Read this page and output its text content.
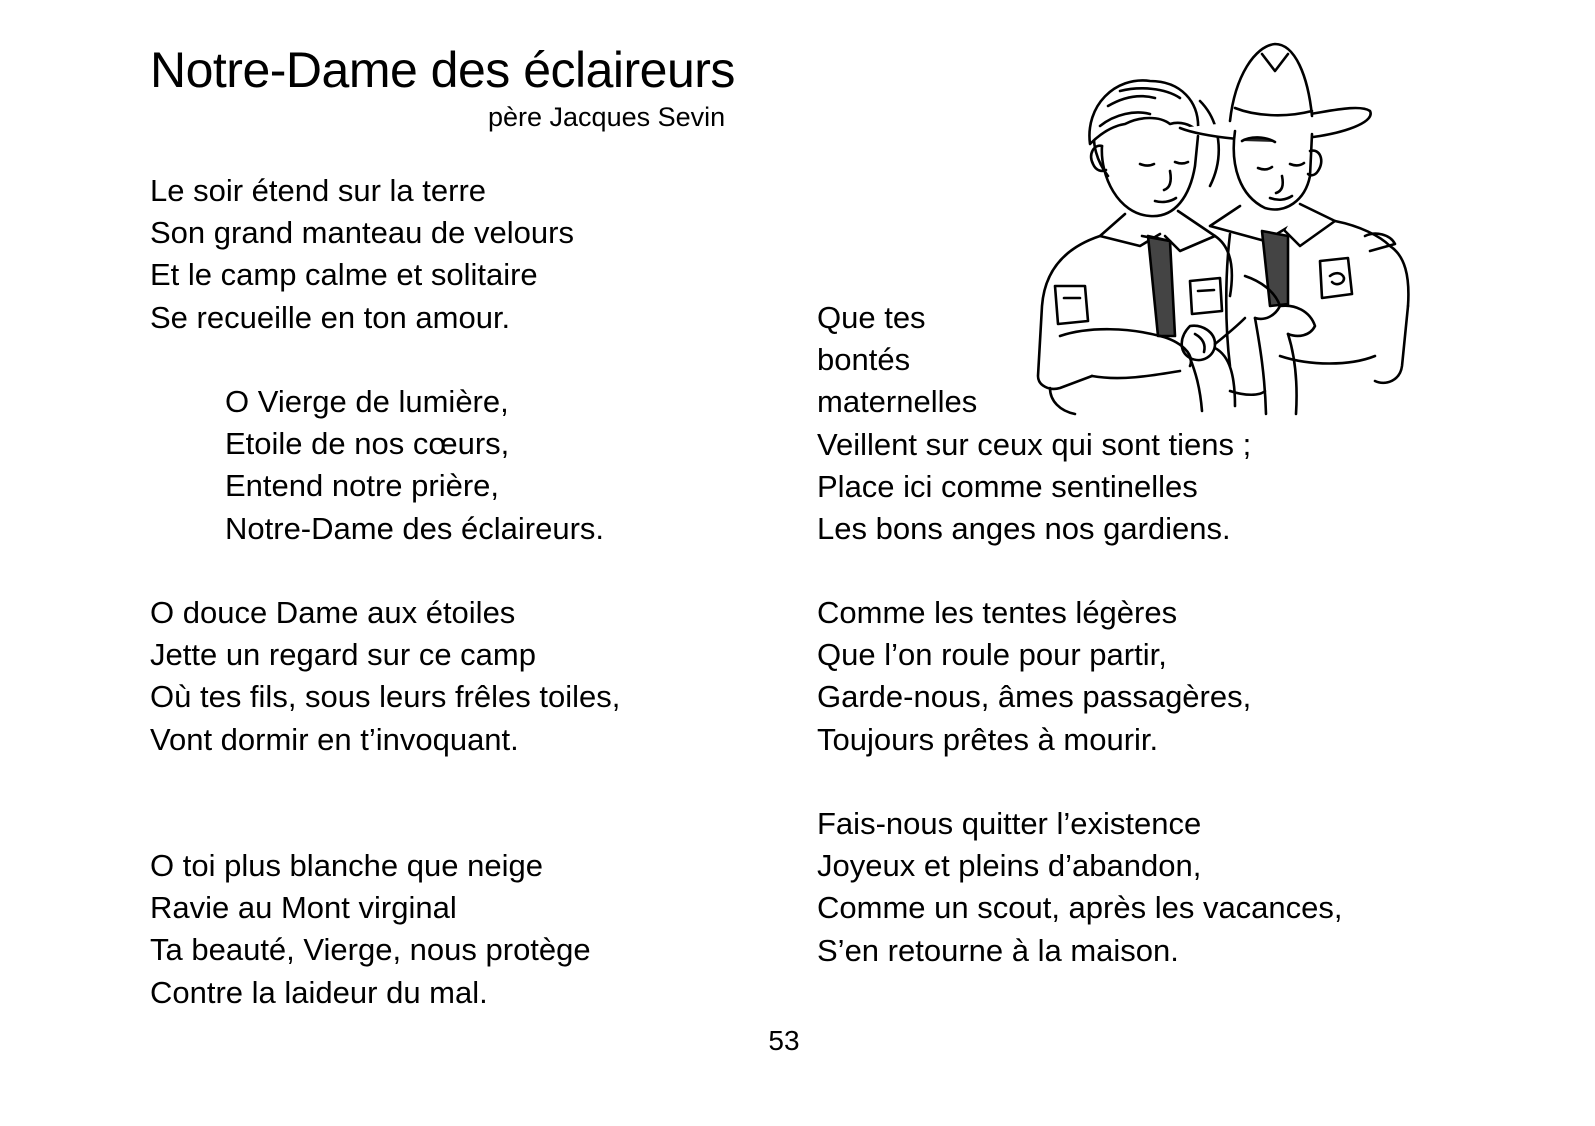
Notre-Dame des éclaireurs
père Jacques Sevin
Le soir étend sur la terre
Son grand manteau de velours
Et le camp calme et solitaire
Se recueille en ton amour.
O Vierge de lumière,
Etoile de nos cœurs,
Entend notre prière,
Notre-Dame des éclaireurs.
O douce Dame aux étoiles
Jette un regard sur ce camp
Où tes fils, sous leurs frêles toiles,
Vont dormir en t’invoquant.
O toi plus blanche que neige
Ravie au Mont virginal
Ta beauté, Vierge, nous protège
Contre la laideur du mal.
Que tes
bontés
maternelles
Veillent sur ceux qui sont tiens ;
Place ici comme sentinelles
Les bons anges nos gardiens.
Comme les tentes légères
Que l’on roule pour partir,
Garde-nous, âmes passagères,
Toujours prêtes à mourir.
Fais-nous quitter l’existence
Joyeux et pleins d’abandon,
Comme un scout, après les vacances,
S’en retourne à la maison.
53
